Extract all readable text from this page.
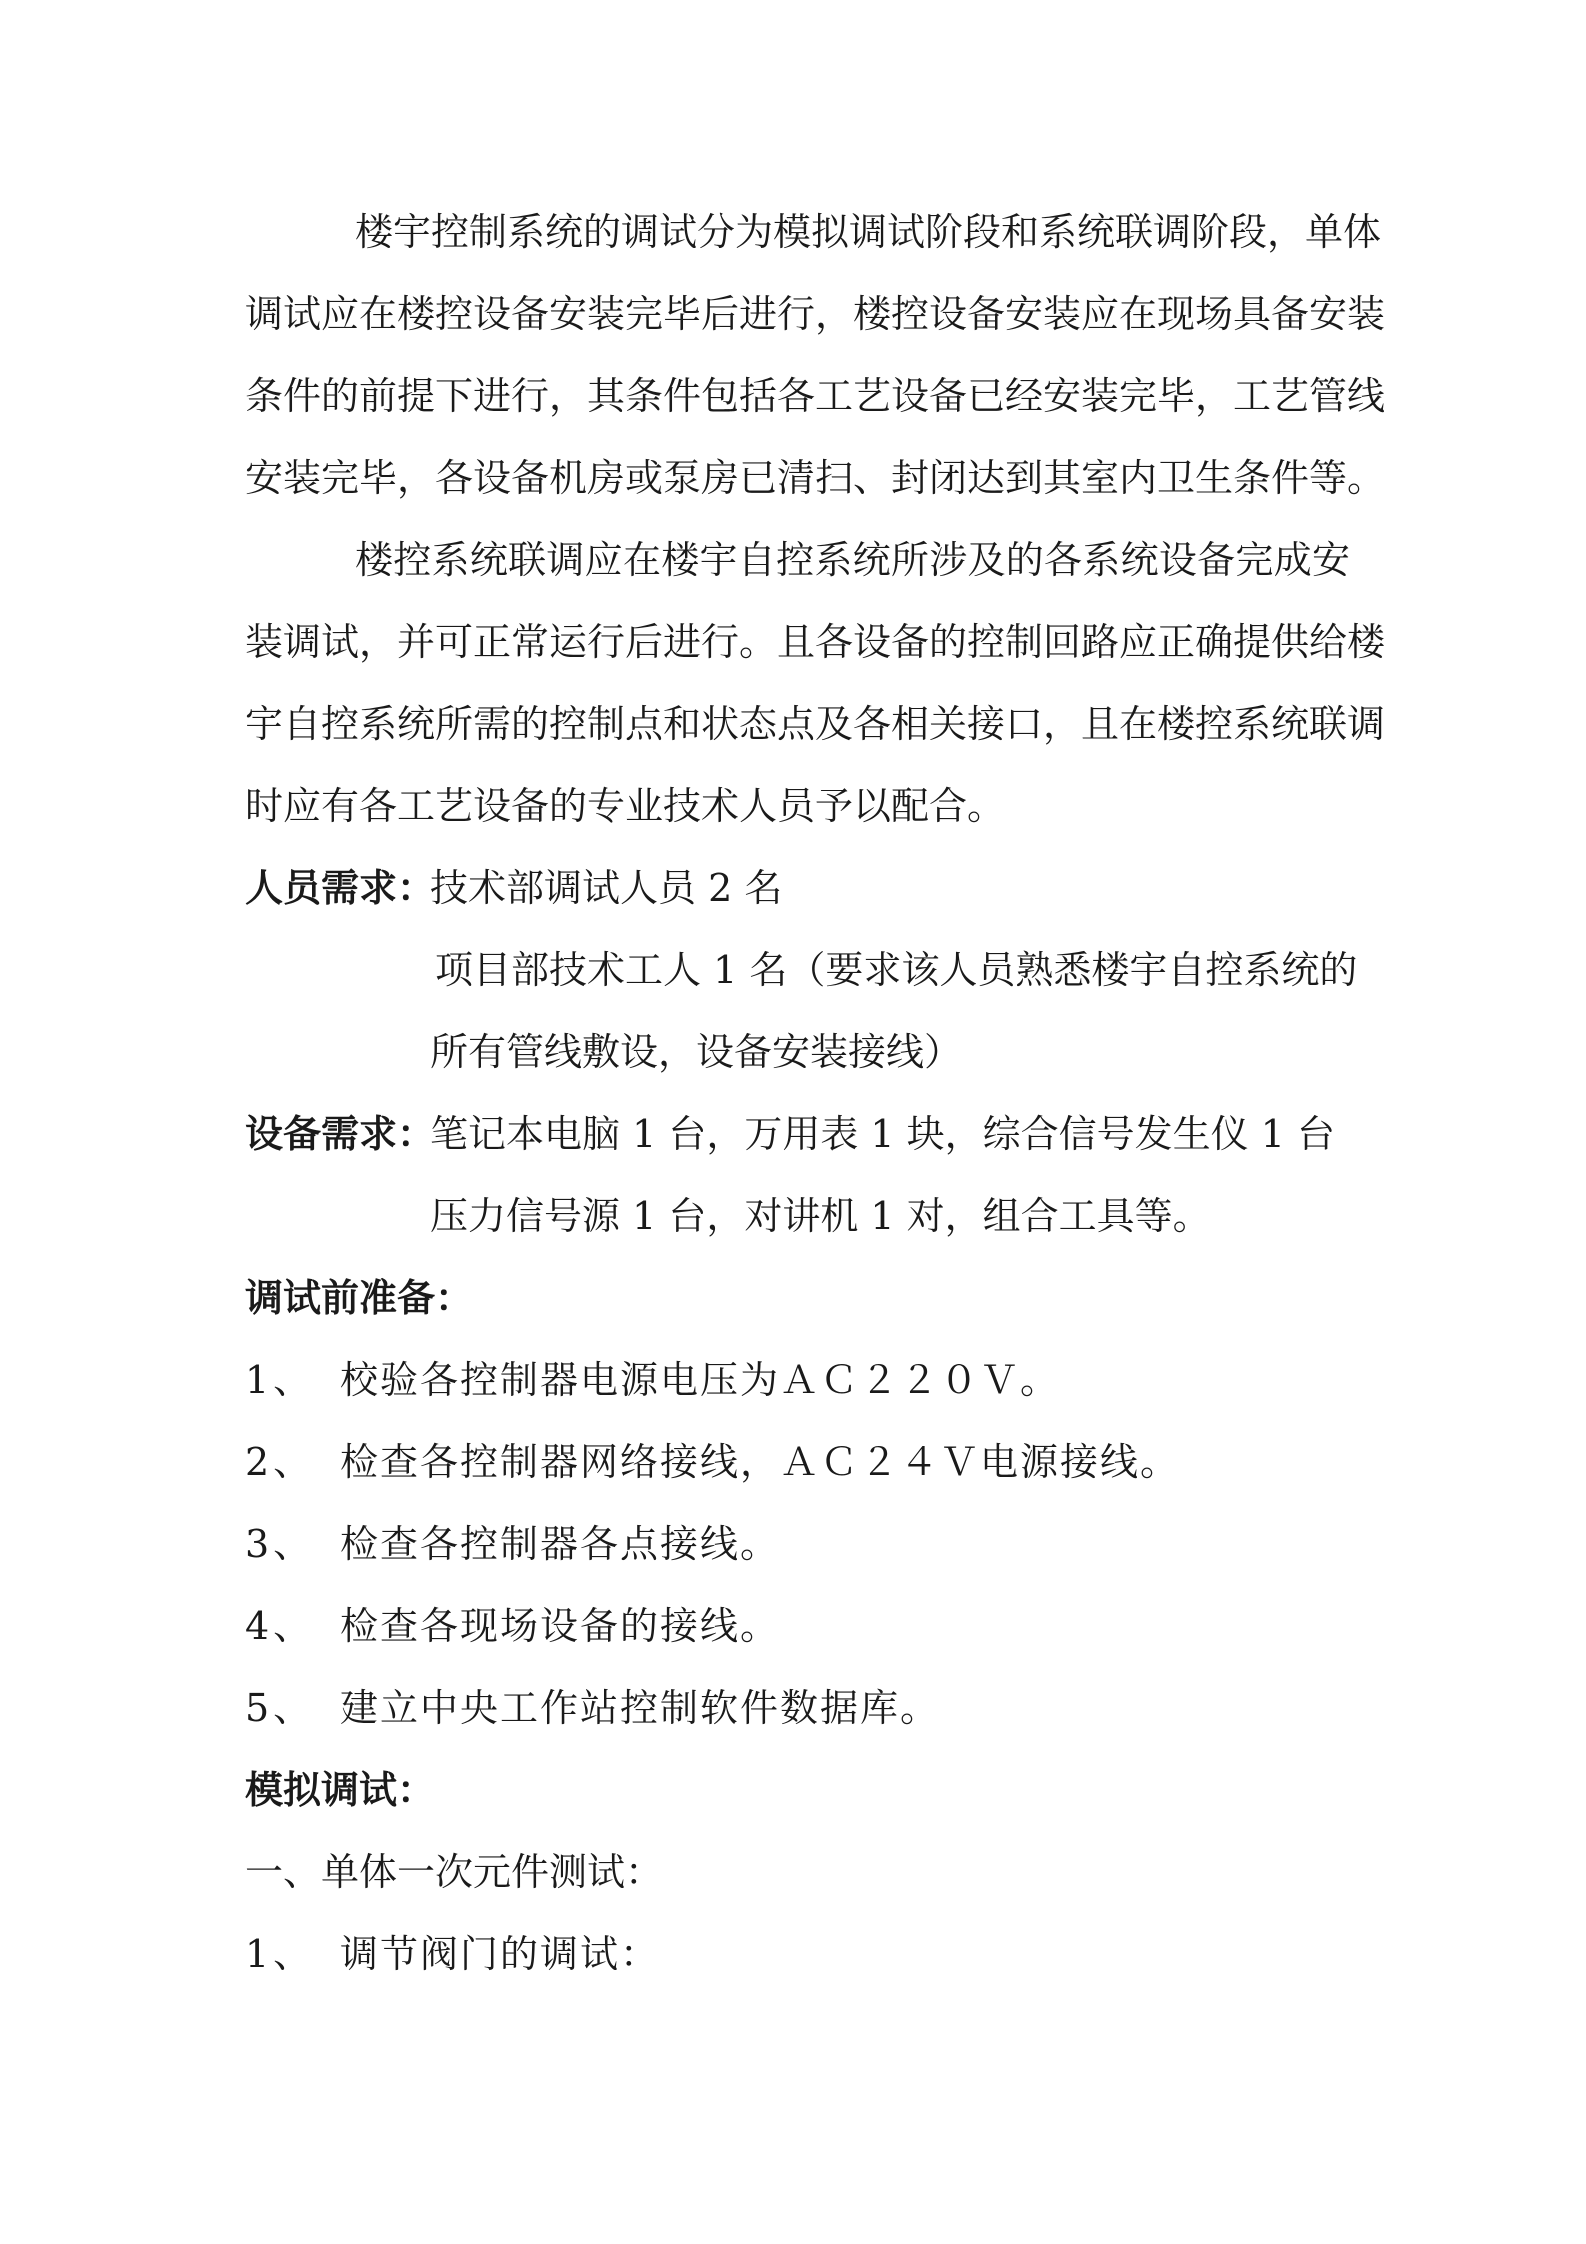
楼宇控制系统的调试分为模拟调试阶段和系统联调阶段，单体
调试应在楼控设备安装完毕后进行，楼控设备安装应在现场具备安装
条件的前提下进行，其条件包括各工艺设备已经安装完毕，工艺管线
安装完毕，各设备机房或泵房已清扫、封闭达到其室内卫生条件等。
楼控系统联调应在楼宇自控系统所涉及的各系统设备完成安
装调试，并可正常运行后进行。且各设备的控制回路应正确提供给楼
宇自控系统所需的控制点和状态点及各相关接口，且在楼控系统联调
时应有各工艺设备的专业技术人员予以配合。
人员需求：
技术部调试人员 2 名
项目部技术工人 1 名（要求该人员熟悉楼宇自控系统的
所有管线敷设，设备安装接线）
设备需求：
笔记本电脑 1 台，万用表 1 块，综合信号发生仪 1 台
压力信号源 1 台，对讲机 1 对，组合工具等。
调试前准备：
1、 校验各控制器电源电压为ＡＣ２２０Ｖ。
2、 检查各控制器网络接线，ＡＣ２４Ｖ电源接线。
3、 检查各控制器各点接线。
4、 检查各现场设备的接线。
5、 建立中央工作站控制软件数据库。
模拟调试：
一、单体一次元件测试：
1、 调节阀门的调试：
